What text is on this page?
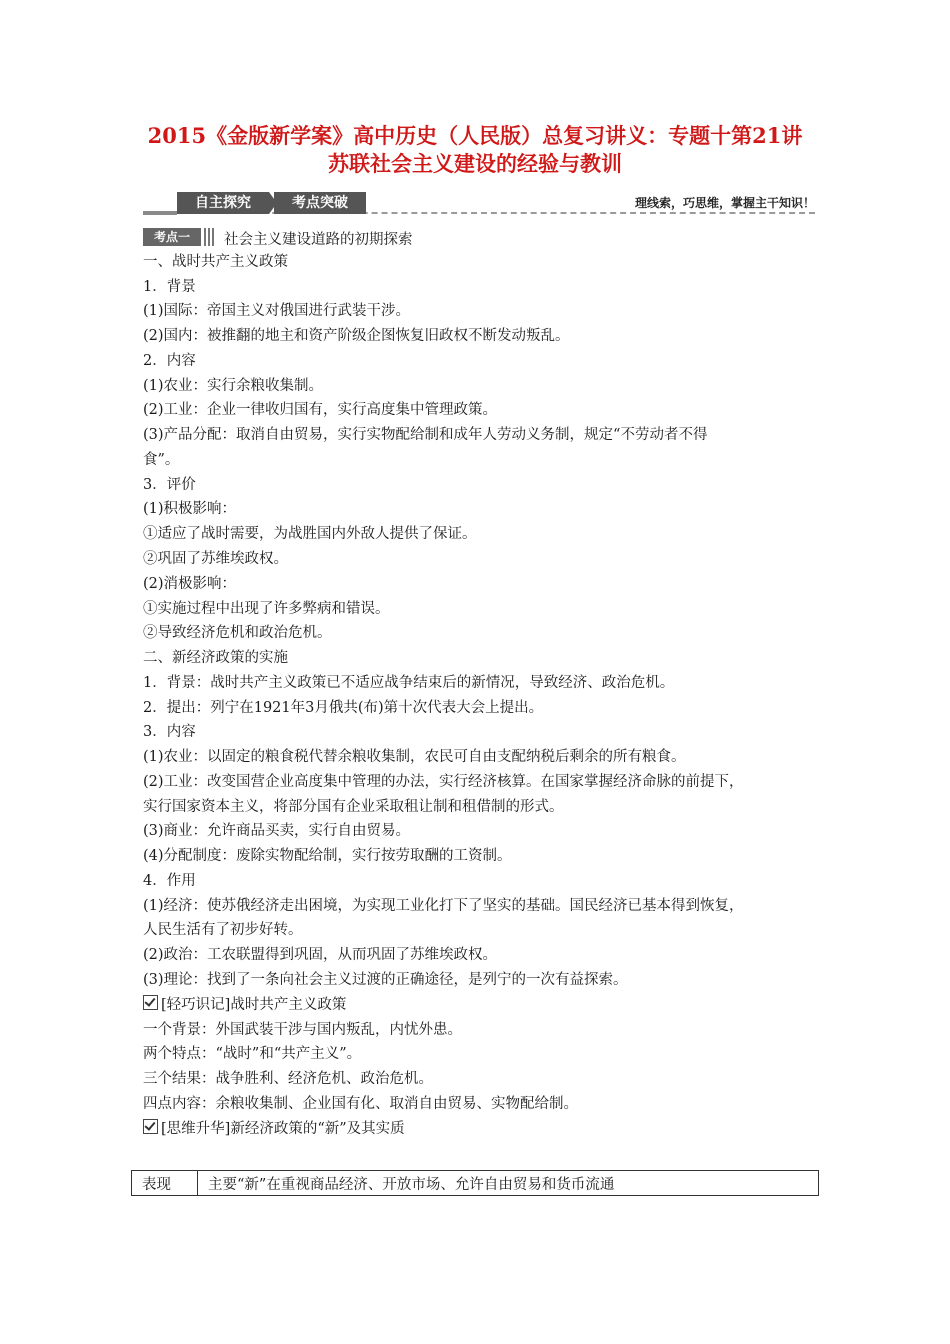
2015《金版新学案》高中历史（人民版）总复习讲义：专题十第21讲
苏联社会主义建设的经验与教训
自主探究	考点突破	理线索，巧思维，掌握主干知识！
考点一	社会主义建设道路的初期探索
一、战时共产主义政策
1．背景
(1)国际：帝国主义对俄国进行武装干涉。
(2)国内：被推翻的地主和资产阶级企图恢复旧政权不断发动叛乱。
2．内容
(1)农业：实行余粮收集制。
(2)工业：企业一律收归国有，实行高度集中管理政策。
(3)产品分配：取消自由贸易，实行实物配给制和成年人劳动义务制，规定“不劳动者不得
食”。
3．评价
(1)积极影响：
①适应了战时需要，为战胜国内外敌人提供了保证。
②巩固了苏维埃政权。
(2)消极影响：
①实施过程中出现了许多弊病和错误。
②导致经济危机和政治危机。
二、新经济政策的实施
1．背景：战时共产主义政策已不适应战争结束后的新情况，导致经济、政治危机。
2．提出：列宁在1921年3月俄共(布)第十次代表大会上提出。
3．内容
(1)农业：以固定的粮食税代替余粮收集制，农民可自由支配纳税后剩余的所有粮食。
(2)工业：改变国营企业高度集中管理的办法，实行经济核算。在国家掌握经济命脉的前提下，
实行国家资本主义，将部分国有企业采取租让制和租借制的形式。
(3)商业：允许商品买卖，实行自由贸易。
(4)分配制度：废除实物配给制，实行按劳取酬的工资制。
4．作用
(1)经济：使苏俄经济走出困境，为实现工业化打下了坚实的基础。国民经济已基本得到恢复，
人民生活有了初步好转。
(2)政治：工农联盟得到巩固，从而巩固了苏维埃政权。
(3)理论：找到了一条向社会主义过渡的正确途径，是列宁的一次有益探索。
[轻巧识记]战时共产主义政策
一个背景：外国武装干涉与国内叛乱，内忧外患。
两个特点：“战时”和“共产主义”。
三个结果：战争胜利、经济危机、政治危机。
四点内容：余粮收集制、企业国有化、取消自由贸易、实物配给制。
[思维升华]新经济政策的“新”及其实质
表现	主要“新”在重视商品经济、开放市场、允许自由贸易和货币流通
